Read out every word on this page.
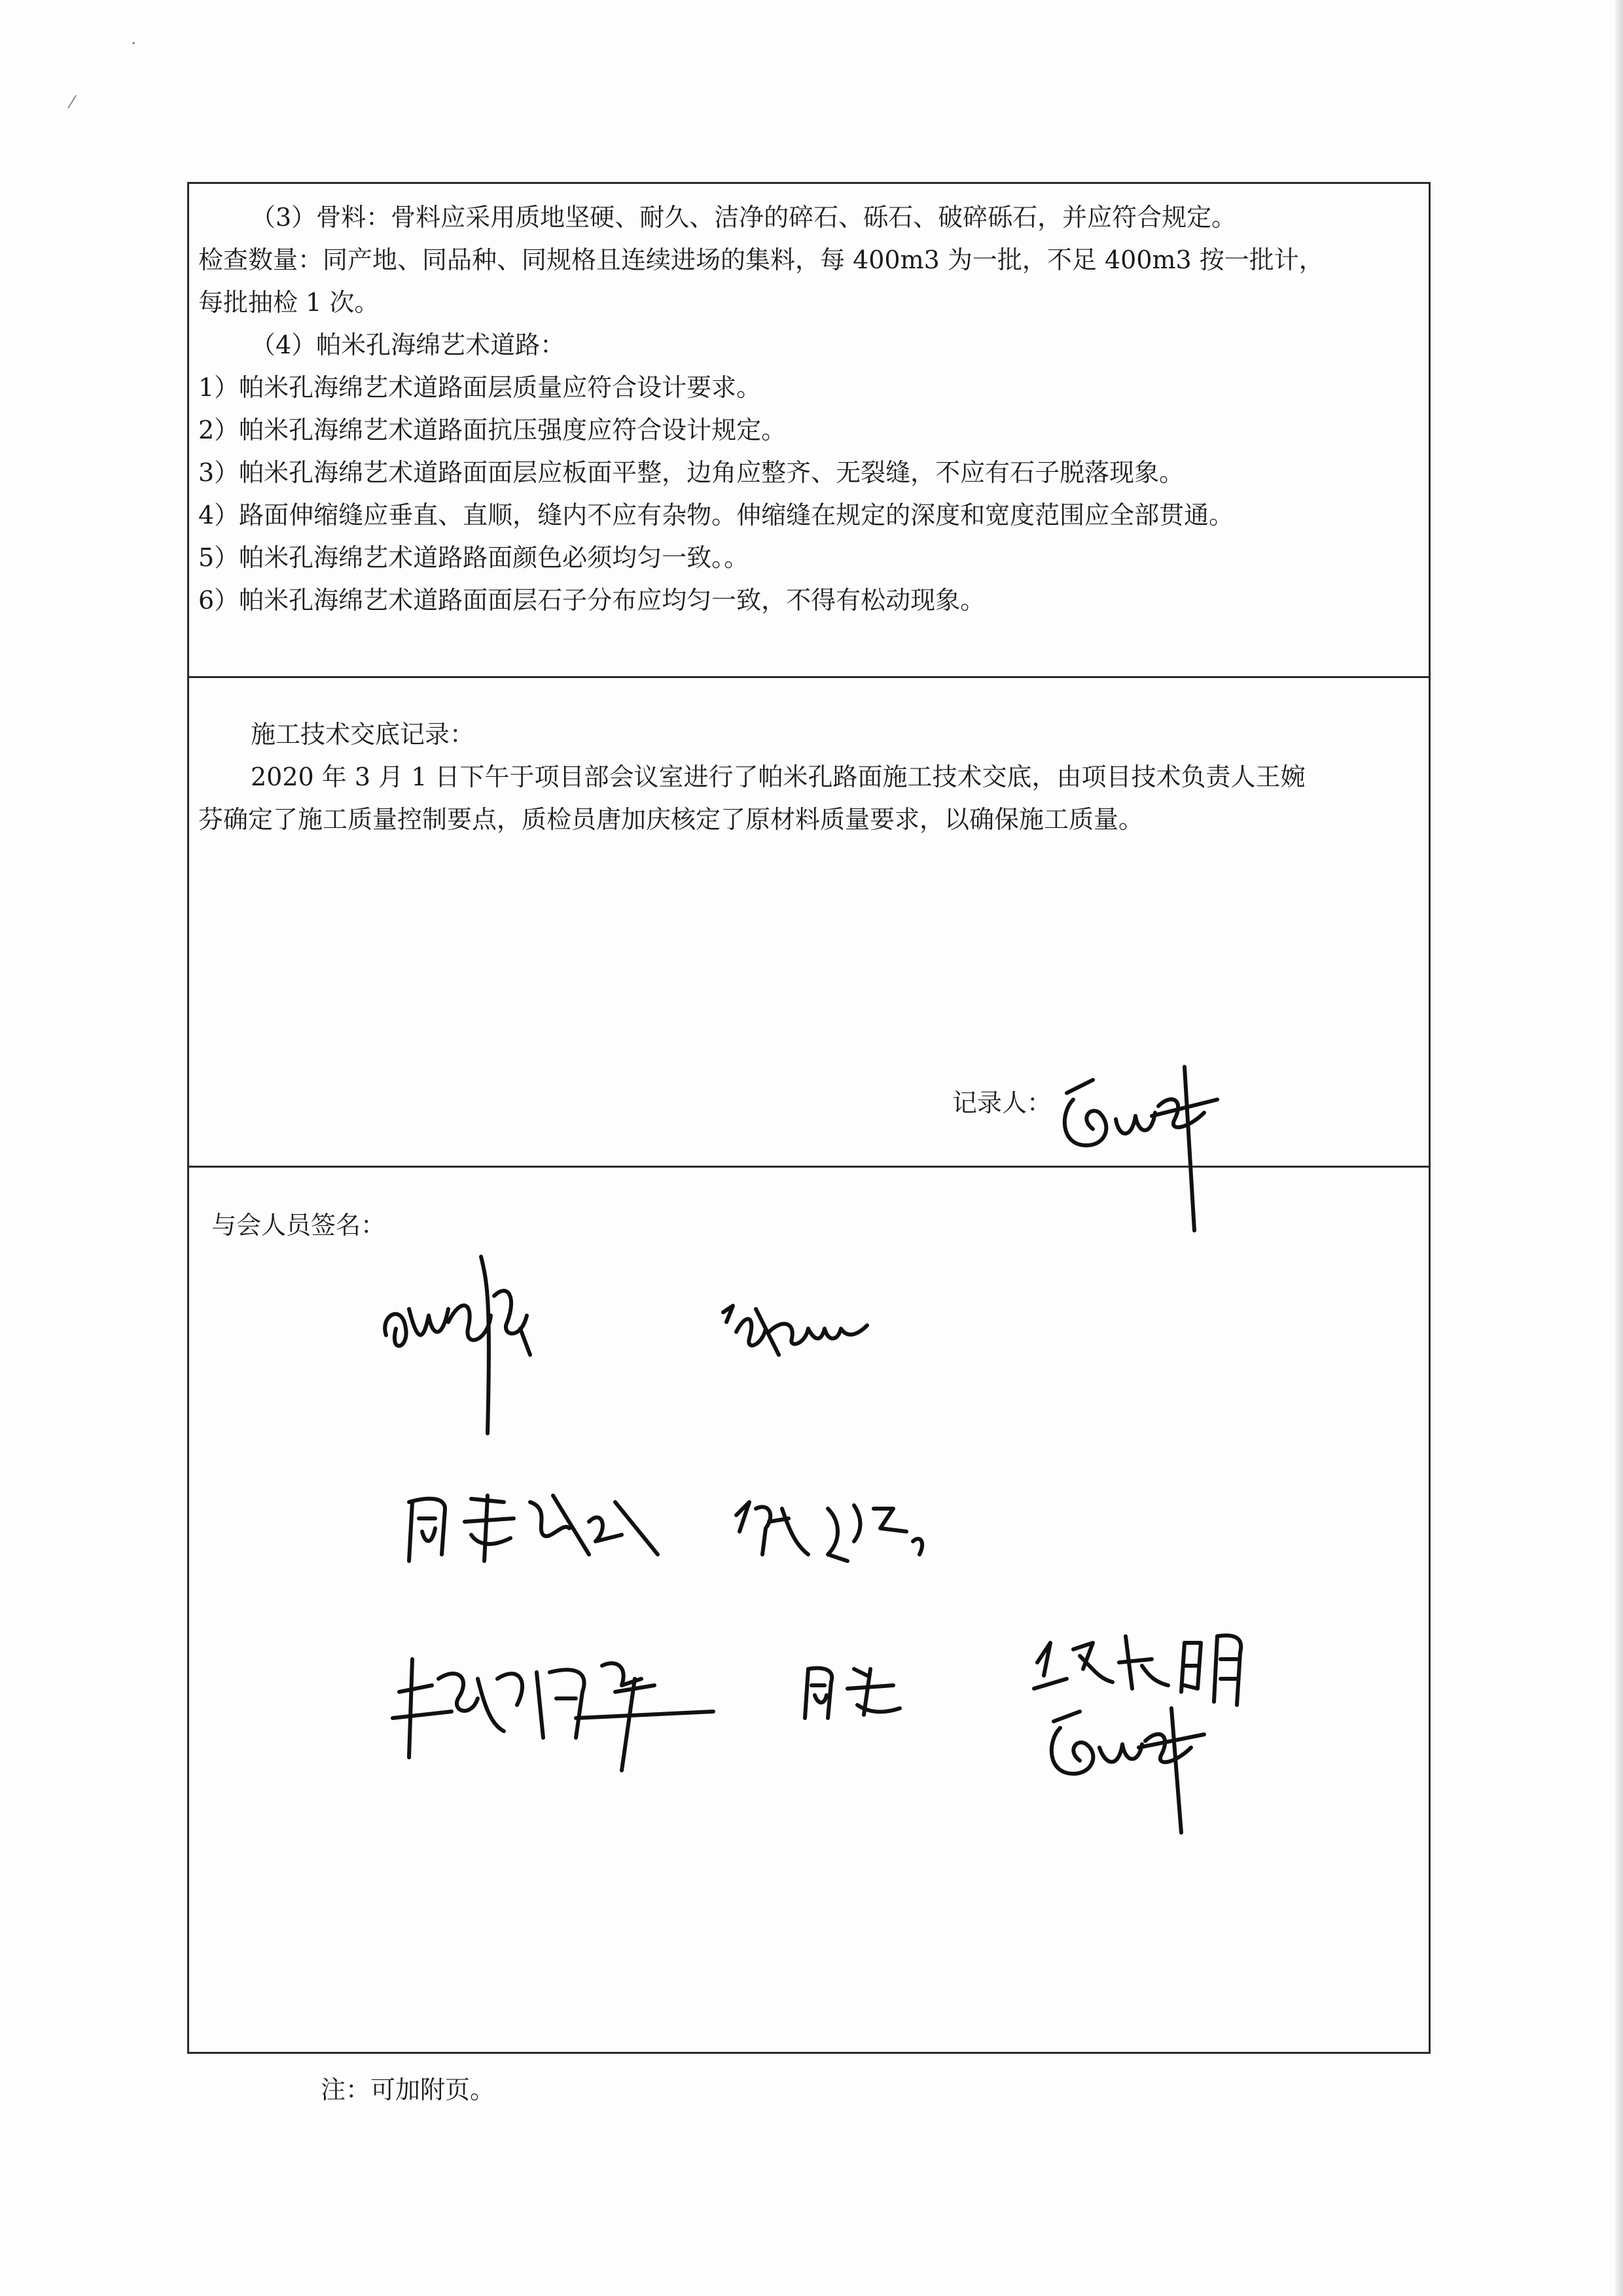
·
⁄
（3）骨料：骨料应采用质地坚硬、耐久、洁净的碎石、砾石、破碎砾石，并应符合规定。
检查数量：同产地、同品种、同规格且连续进场的集料，每 400m3 为一批，不足 400m3 按一批计，
每批抽检 1 次。
（4）帕米孔海绵艺术道路：
1）帕米孔海绵艺术道路面层质量应符合设计要求。
2）帕米孔海绵艺术道路面抗压强度应符合设计规定。
3）帕米孔海绵艺术道路面面层应板面平整，边角应整齐、无裂缝，不应有石子脱落现象。
4）路面伸缩缝应垂直、直顺，缝内不应有杂物。伸缩缝在规定的深度和宽度范围应全部贯通。
5）帕米孔海绵艺术道路路面颜色必须均匀一致。。
6）帕米孔海绵艺术道路面面层石子分布应均匀一致，不得有松动现象。
施工技术交底记录：
2020 年 3 月 1 日下午于项目部会议室进行了帕米孔路面施工技术交底，由项目技术负责人王婉
芬确定了施工质量控制要点，质检员唐加庆核定了原材料质量要求，以确保施工质量。
记录人：
与会人员签名：
注：可加附页。
